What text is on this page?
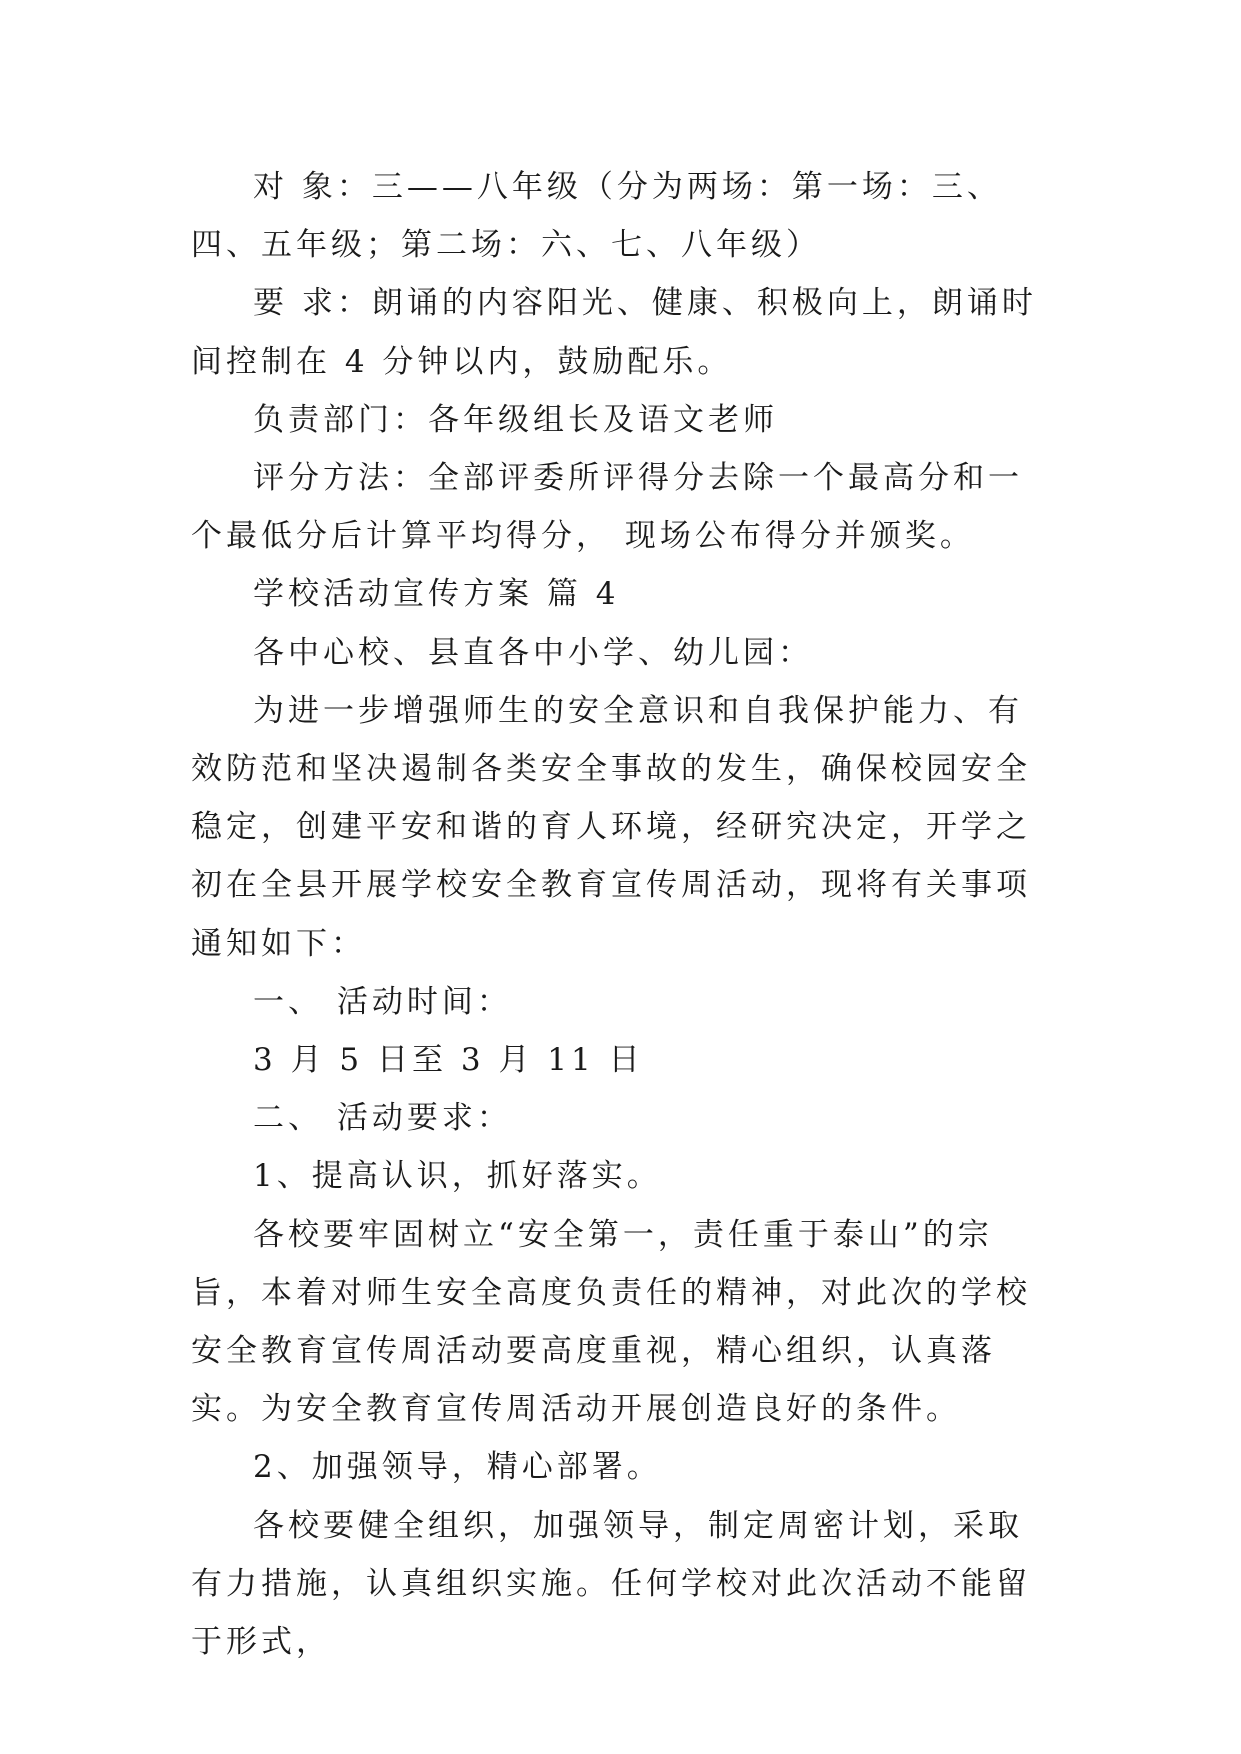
对 象：三——八年级（分为两场：第一场：三、四、五年级；第二场：六、七、八年级）

要 求：朗诵的内容阳光、健康、积极向上，朗诵时间控制在 4 分钟以内，鼓励配乐。

负责部门：各年级组长及语文老师

评分方法：全部评委所评得分去除一个最高分和一个最低分后计算平均得分， 现场公布得分并颁奖。

学校活动宣传方案 篇 4

各中心校、县直各中小学、幼儿园：

为进一步增强师生的安全意识和自我保护能力、有效防范和坚决遏制各类安全事故的发生，确保校园安全稳定，创建平安和谐的育人环境，经研究决定，开学之初在全县开展学校安全教育宣传周活动，现将有关事项通知如下：

一、 活动时间：

3 月 5 日至 3 月 11 日

二、 活动要求：

1、提高认识，抓好落实。

各校要牢固树立“安全第一，责任重于泰山”的宗旨，本着对师生安全高度负责任的精神，对此次的学校安全教育宣传周活动要高度重视，精心组织，认真落实。为安全教育宣传周活动开展创造良好的条件。

2、加强领导，精心部署。

各校要健全组织，加强领导，制定周密计划，采取有力措施，认真组织实施。任何学校对此次活动不能留于形式，
